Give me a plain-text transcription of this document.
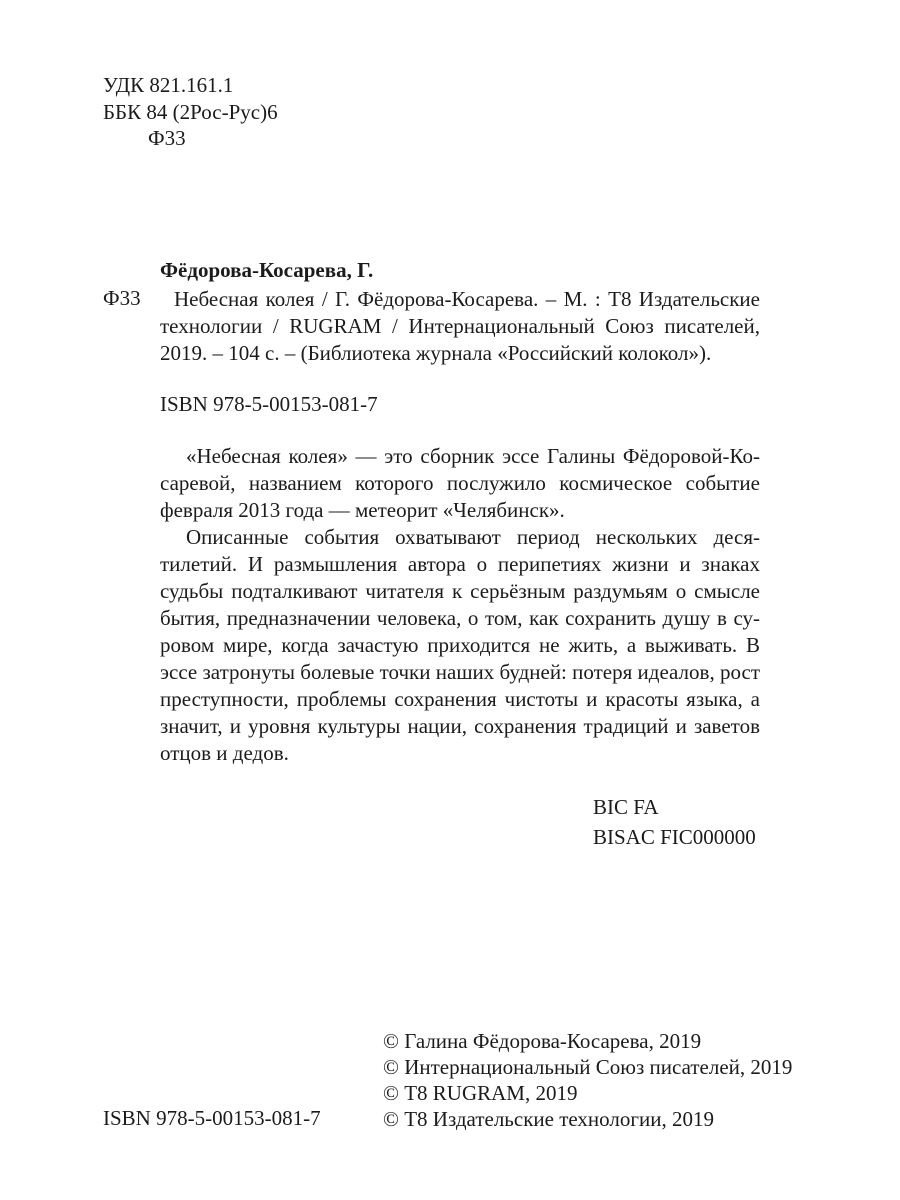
УДК 821.161.1
ББК 84 (2Рос-Рус)6
Ф33
Фёдорова-Косарева, Г.
Ф33	Небесная колея / Г. Фёдорова-Косарева. – М. : Т8 Издательские
технологии / RUGRAM / Интернациональный Союз писателей,
2019. – 104 с. – (Библиотека журнала «Российский колокол»).
ISBN 978-5-00153-081-7
«Небесная колея» — это сборник эссе Галины Фёдоровой-Ко-
саревой, названием которого послужило космическое событие
февраля 2013 года — метеорит «Челябинск».
Описанные события охватывают период нескольких деся-
тилетий. И размышления автора о перипетиях жизни и знаках
судьбы подталкивают читателя к серьёзным раздумьям о смысле
бытия, предназначении человека, о том, как сохранить душу в су-
ровом мире, когда зачастую приходится не жить, а выживать. В
эссе затронуты болевые точки наших будней: потеря идеалов, рост
преступности, проблемы сохранения чистоты и красоты языка, а
значит, и уровня культуры нации, сохранения традиций и заветов
отцов и дедов.
BIC FA
BISAC FIC000000
© Галина Фёдорова-Косарева, 2019
© Интернациональный Союз писателей, 2019
© Т8 RUGRAM, 2019
© Т8 Издательские технологии, 2019
ISBN 978-5-00153-081-7
